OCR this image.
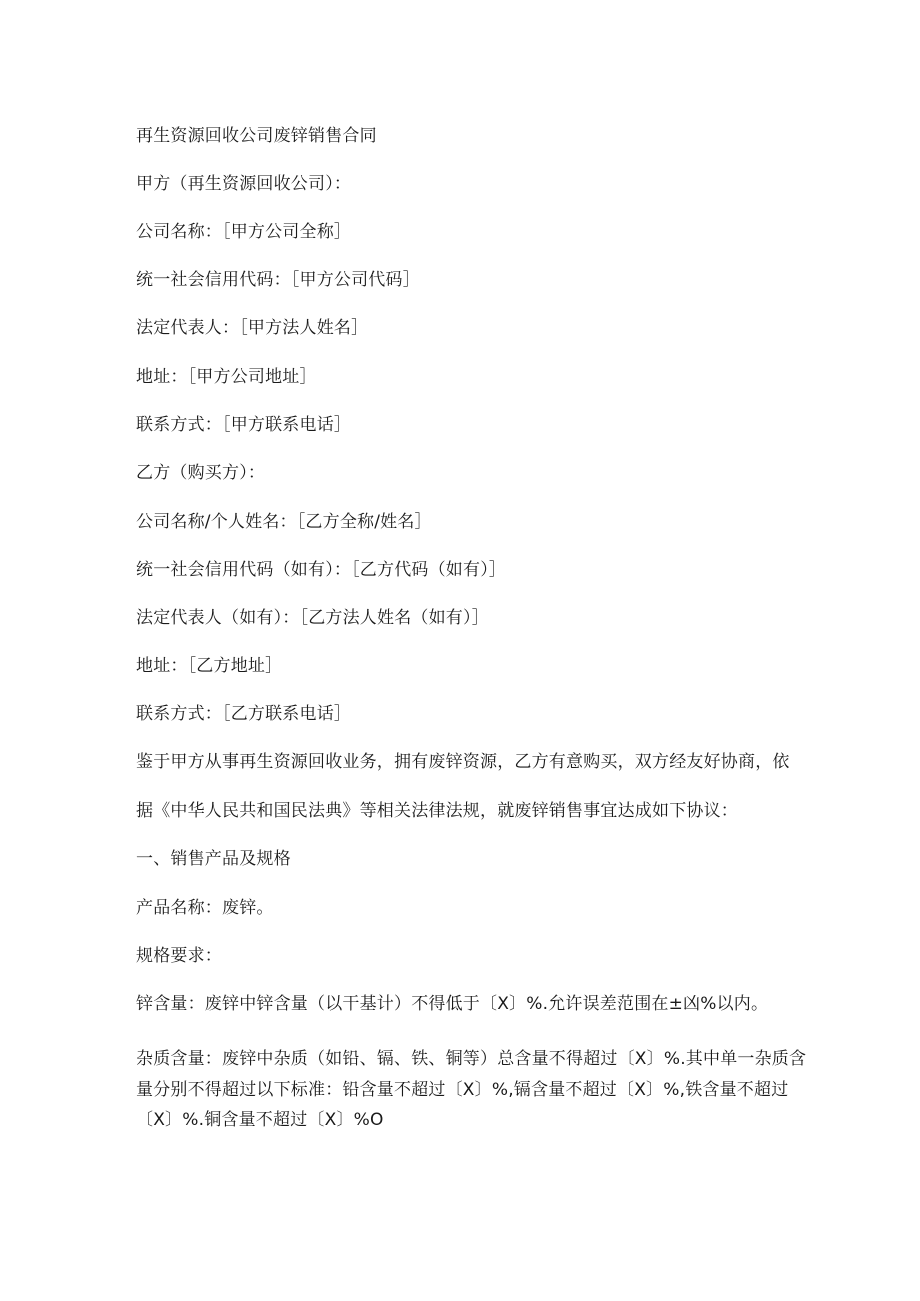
再生资源回收公司废锌销售合同
甲方（再生资源回收公司）：
公司名称：［甲方公司全称］
统一社会信用代码：［甲方公司代码］
法定代表人：［甲方法人姓名］
地址：［甲方公司地址］
联系方式：［甲方联系电话］
乙方（购买方）：
公司名称/个人姓名：［乙方全称/姓名］
统一社会信用代码（如有）：［乙方代码（如有）］
法定代表人（如有）：［乙方法人姓名（如有）］
地址：［乙方地址］
联系方式：［乙方联系电话］
鉴于甲方从事再生资源回收业务，拥有废锌资源，乙方有意购买，双方经友好协商，依
据《中华人民共和国民法典》等相关法律法规，就废锌销售事宜达成如下协议：
一、销售产品及规格
产品名称：废锌。
规格要求：
锌含量：废锌中锌含量（以干基计）不得低于〔X〕%.允许误差范围在±凶%以内。
杂质含量：废锌中杂质（如铅、镉、铁、铜等）总含量不得超过〔X〕%.其中单一杂质含
量分别不得超过以下标准：铅含量不超过〔X〕%,镉含量不超过〔X〕%,铁含量不超过
〔X〕%.铜含量不超过〔X〕%O
